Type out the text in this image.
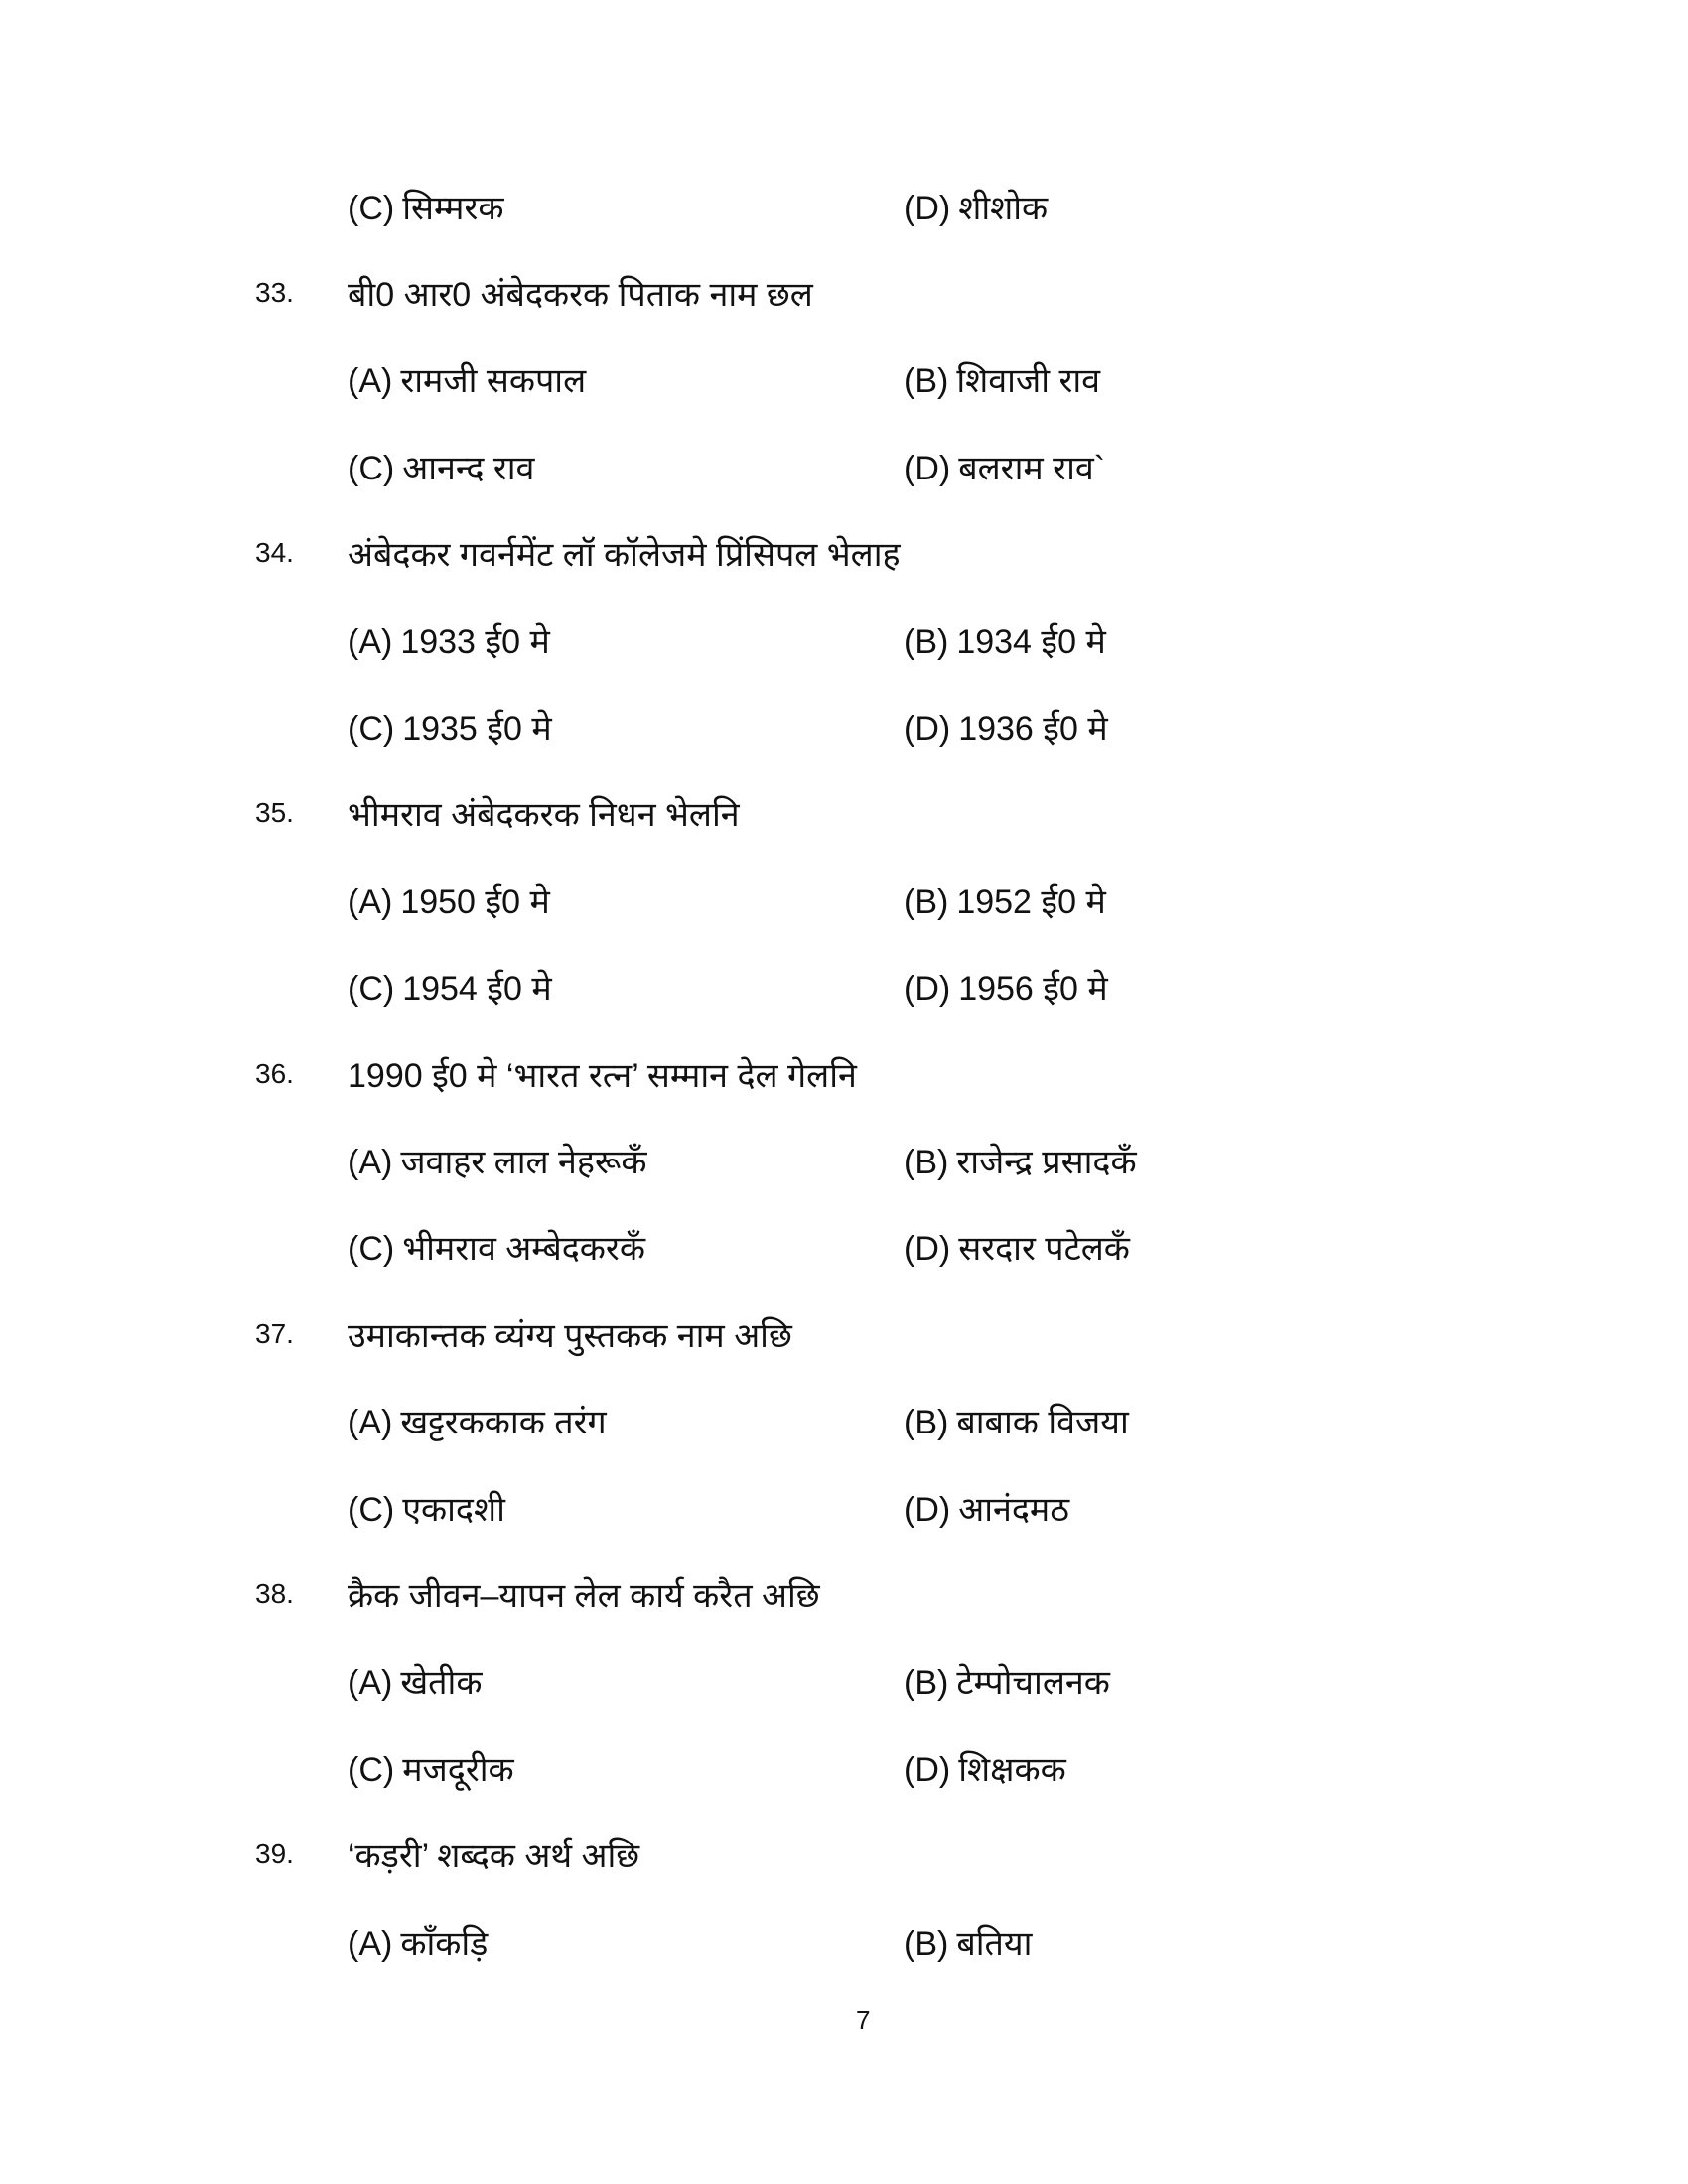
(C) सिम्मरक	(D) शीशोक
33. बी0 आर0 अंबेदकरक पिताक नाम छल
(A) रामजी सकपाल	(B) शिवाजी राव
(C) आनन्द राव	(D) बलराम राव`
34. अंबेदकर गवर्नमेंट लॉ कॉलेजमे प्रिंसिपल भेलाह
(A) 1933 ई0 मे	(B) 1934 ई0 मे
(C) 1935 ई0 मे	(D) 1936 ई0 मे
35. भीमराव अंबेदकरक निधन भेलनि
(A) 1950 ई0 मे	(B) 1952 ई0 मे
(C) 1954 ई0 मे	(D) 1956 ई0 मे
36. 1990 ई0 मे ‘भारत रत्न’ सम्मान देल गेलनि
(A) जवाहर लाल नेहरूकँ	(B) राजेन्द्र प्रसादकँ
(C) भीमराव अम्बेदकरकँ	(D) सरदार पटेलकँ
37. उमाकान्तक व्यंग्य पुस्तकक नाम अछि
(A) खट्टरककाक तरंग	(B) बाबाक विजया
(C) एकादशी	(D) आनंदमठ
38. क्रैक जीवन–यापन लेल कार्य करैत अछि
(A) खेतीक	(B) टेम्पोचालनक
(C) मजदूरीक	(D) शिक्षकक
39. ‘कड़री’ शब्दक अर्थ अछि
(A) काँकड़ि	(B) बतिया
7
